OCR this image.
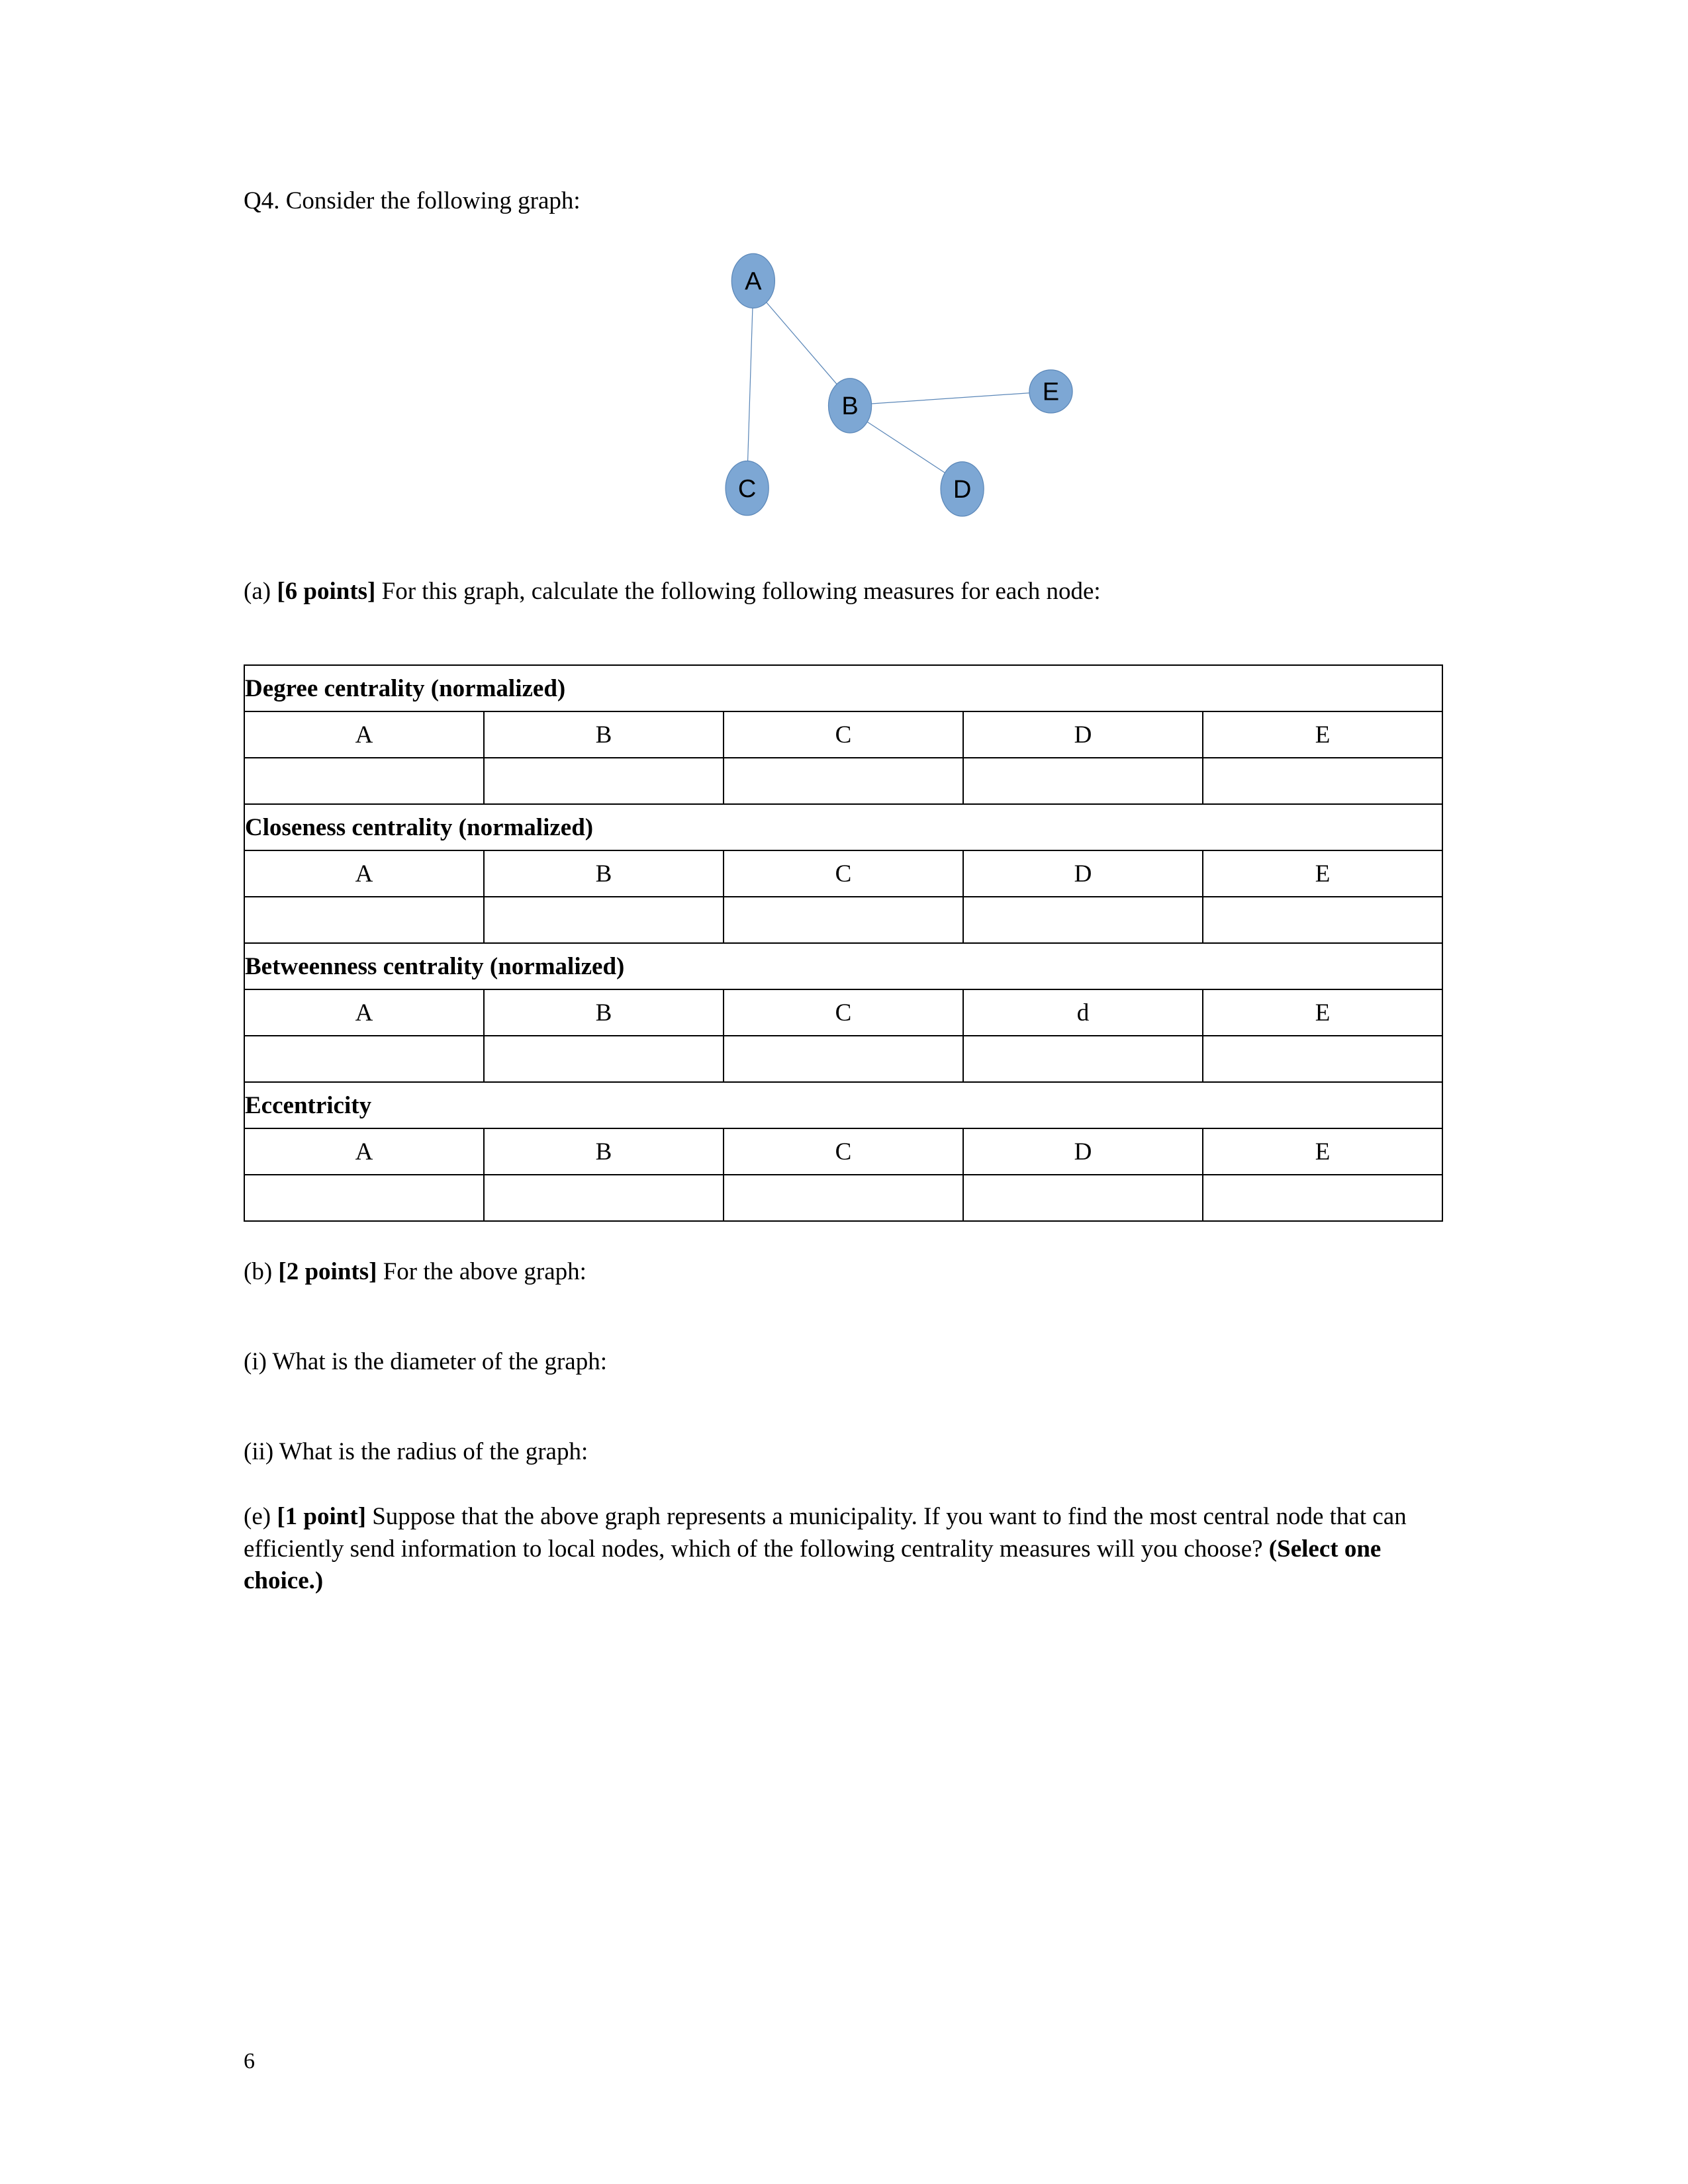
Q4. Consider the following graph:

A
B
C	D
E

(a) [6 points] For this graph, calculate the following following measures for each node:

Degree centrality (normalized)				
A	B	C	D	E

Closeness centrality (normalized)				
A	B	C	D	E

Betweenness centrality (normalized)				
A	B	C	d	E

Eccentricity				
A	B	C	D	E

(b) [2 points] For the above graph:

(i) What is the diameter of the graph:

(ii) What is the radius of the graph:

(e) [1 point] Suppose that the above graph represents a municipality. If you want to find the most central node that can efficiently send information to local nodes, which of the following centrality measures will you choose? (Select one choice.)

6
